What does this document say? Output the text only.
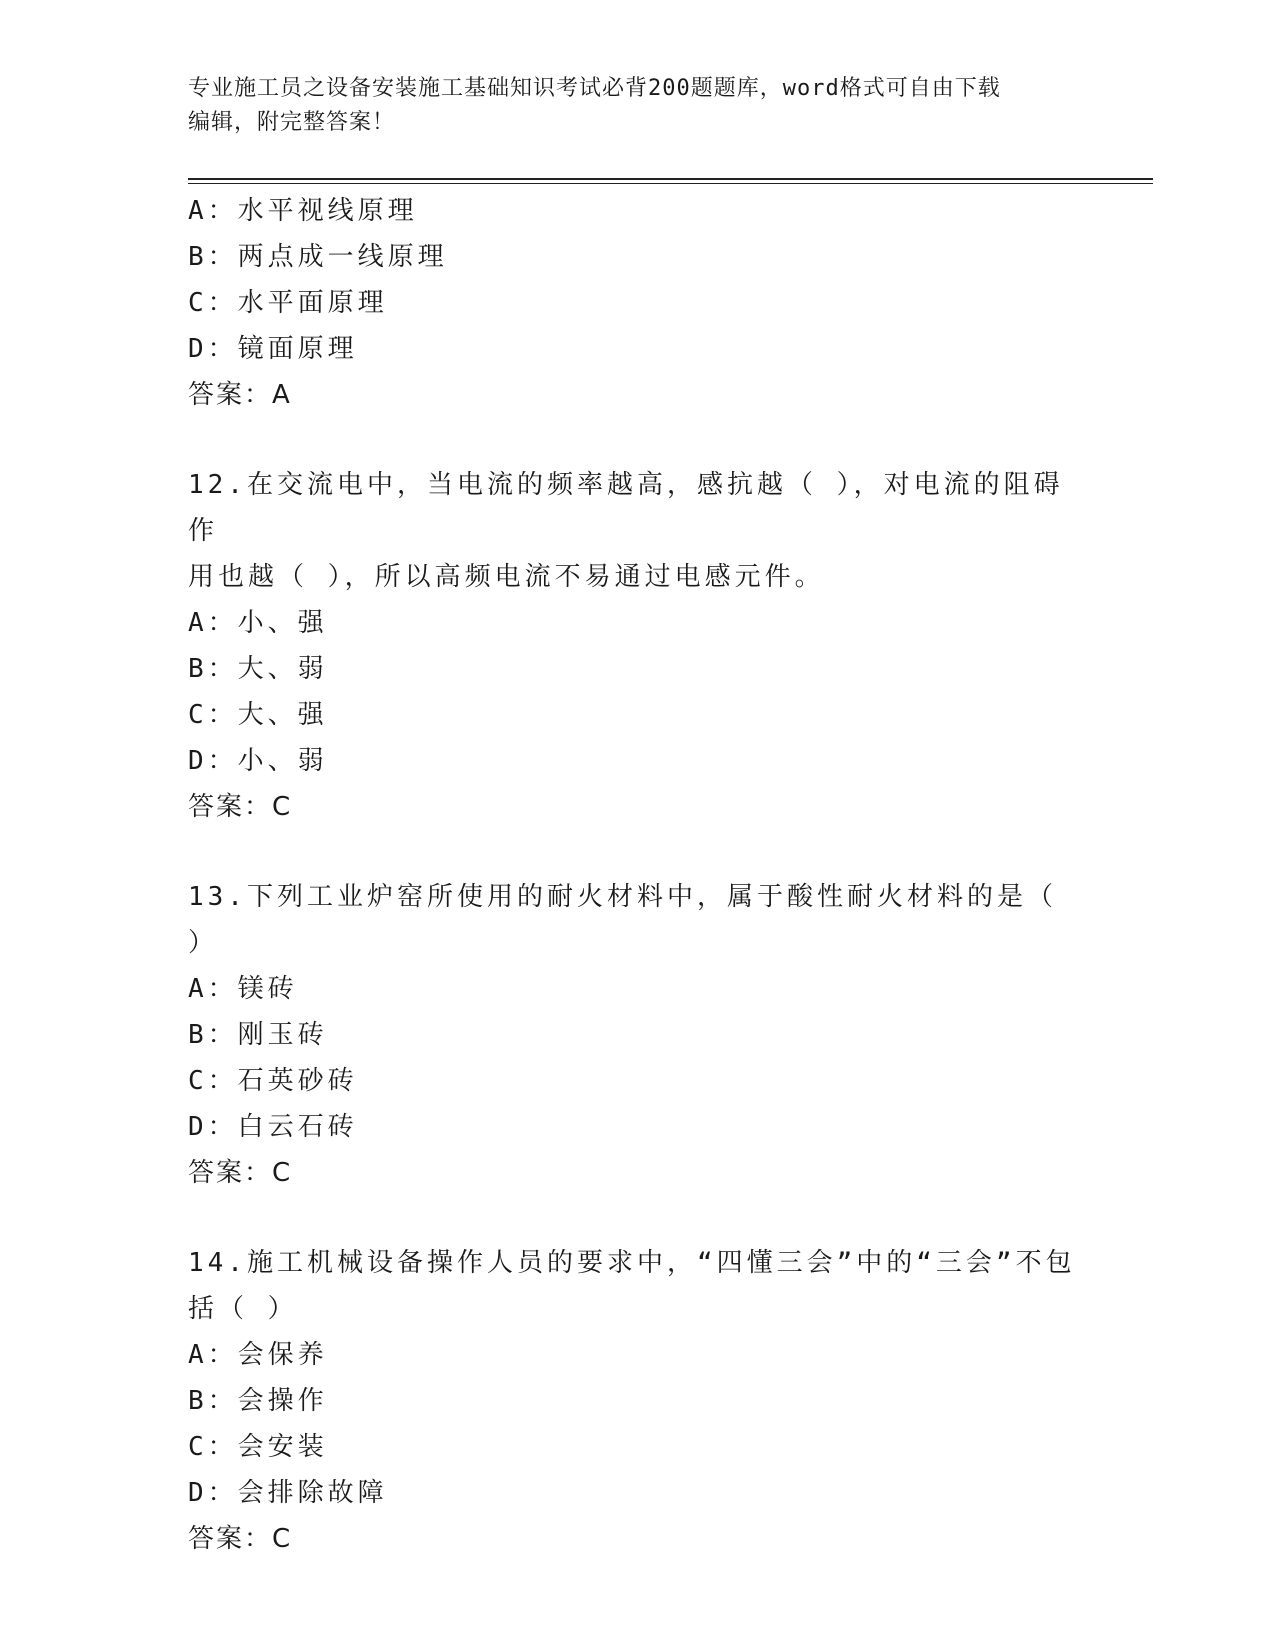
专业施工员之设备安装施工基础知识考试必背200题题库，word格式可自由下载
编辑，附完整答案！
A：水平视线原理
B：两点成一线原理
C：水平面原理
D：镜面原理
答案：A
12.在交流电中，当电流的频率越高，感抗越（ ），对电流的阻碍作
用也越（ ），所以高频电流不易通过电感元件。
A：小、强
B：大、弱
C：大、强
D：小、弱
答案：C
13.下列工业炉窑所使用的耐火材料中，属于酸性耐火材料的是（ ）
A：镁砖
B：刚玉砖
C：石英砂砖
D：白云石砖
答案：C
14.施工机械设备操作人员的要求中，“四懂三会”中的“三会”不包
括（ ）
A：会保养
B：会操作
C：会安装
D：会排除故障
答案：C
